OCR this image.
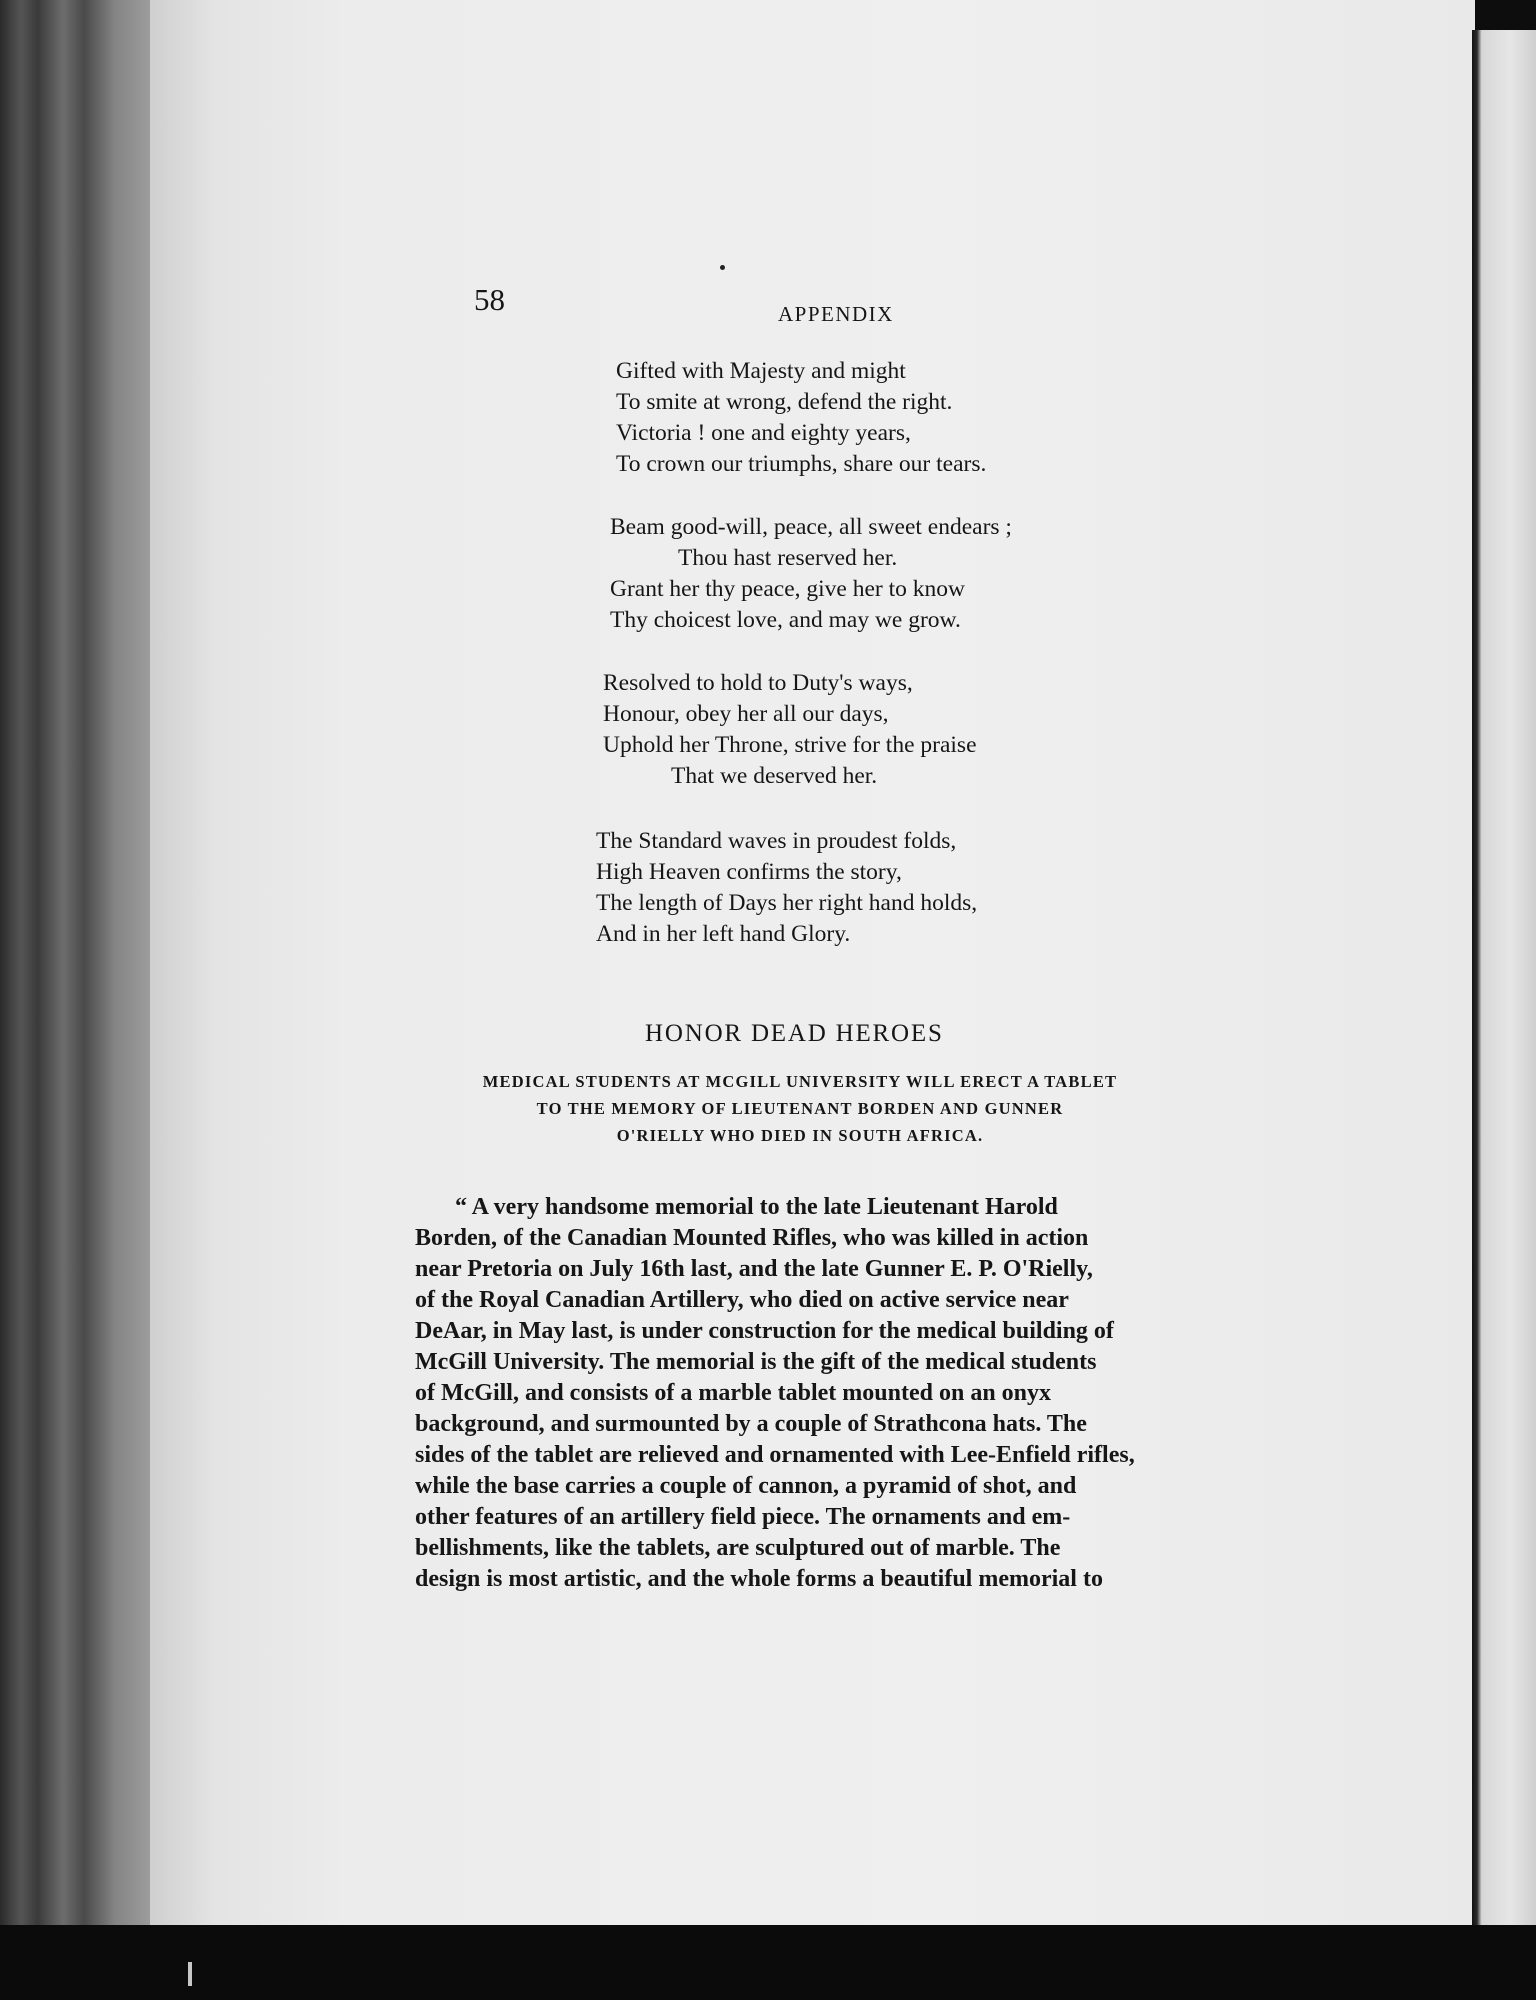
58	APPENDIX
Gifted with Majesty and might
To smite at wrong, defend the right.
Victoria ! one and eighty years,
To crown our triumphs, share our tears.
Beam good-will, peace, all sweet endears ;
Thou hast reserved her.
Grant her thy peace, give her to know
Thy choicest love, and may we grow.
Resolved to hold to Duty's ways,
Honour, obey her all our days,
Uphold her Throne, strive for the praise
That we deserved her.
The Standard waves in proudest folds,
High Heaven confirms the story,
The length of Days her right hand holds,
And in her left hand Glory.
HONOR DEAD HEROES
MEDICAL STUDENTS AT MCGILL UNIVERSITY WILL ERECT A TABLET
TO THE MEMORY OF LIEUTENANT BORDEN AND GUNNER
O'RIELLY WHO DIED IN SOUTH AFRICA.
“ A very handsome memorial to the late Lieutenant Harold
Borden, of the Canadian Mounted Rifles, who was killed in action
near Pretoria on July 16th last, and the late Gunner E. P. O'Rielly,
of the Royal Canadian Artillery, who died on active service near
DeAar, in May last, is under construction for the medical building of
McGill University. The memorial is the gift of the medical students
of McGill, and consists of a marble tablet mounted on an onyx
background, and surmounted by a couple of Strathcona hats. The
sides of the tablet are relieved and ornamented with Lee-Enfield rifles,
while the base carries a couple of cannon, a pyramid of shot, and
other features of an artillery field piece. The ornaments and em-
bellishments, like the tablets, are sculptured out of marble. The
design is most artistic, and the whole forms a beautiful memorial to
